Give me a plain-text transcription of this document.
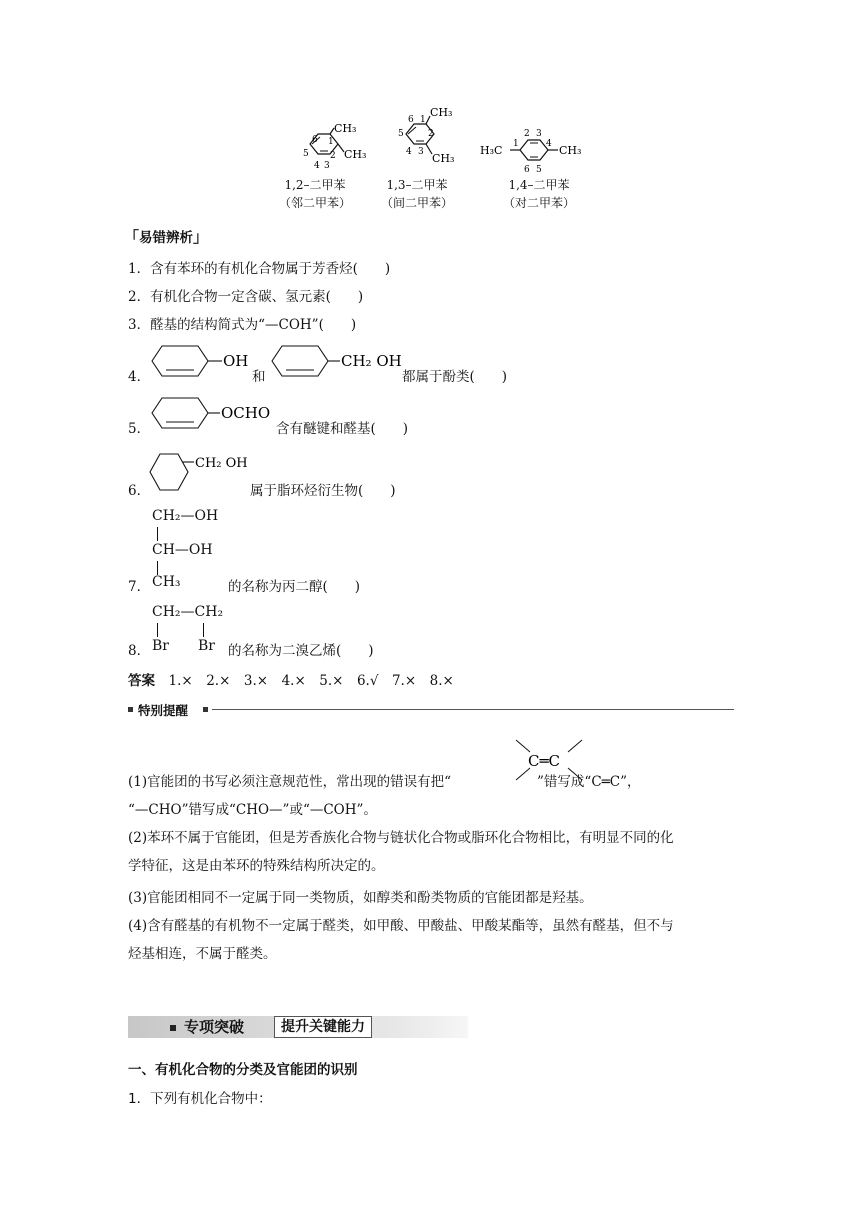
CH₃
CH₃
6 1
2
5
4 3
CH₃
CH₃
6 1
2
5
4 3	H₃C	CH₃
1
2 3
4
6 5
1,2–二甲苯
（邻二甲苯）
1,3–二甲苯
（间二甲苯）
1,4–二甲苯
（对二甲苯）
「易错辨析」
1．含有苯环的有机化合物属于芳香烃(　　)
2．有机化合物一定含碳、氢元素(　　)
3．醛基的结构简式为“—COH”(　　)
4．
OH	CH₂ OH
和	都属于酚类(　　)
5．
OCHO
含有醚键和醛基(　　)
6．
CH₂ OH
属于脂环烃衍生物(　　)
CH₂—OH
CH—OH
CH₃
7．	的名称为丙二醇(　　)
CH₂—CH₂
Br Br
8．	的名称为二溴乙烯(　　)
答案　 1.×　2.×　3.×　4.×　5.×　6.√　7.×　8.×
特别提醒
C═C
(1)官能团的书写必须注意规范性，常出现的错误有把“	”错写成“C═C”，
“—CHO”错写成“CHO—”或“—COH”。
(2)苯环不属于官能团，但是芳香族化合物与链状化合物或脂环化合物相比，有明显不同的化
学特征，这是由苯环的特殊结构所决定的。
(3)官能团相同不一定属于同一类物质，如醇类和酚类物质的官能团都是羟基。
(4)含有醛基的有机物不一定属于醛类，如甲酸、甲酸盐、甲酸某酯等，虽然有醛基，但不与
烃基相连，不属于醛类。
专项突破	提升关键能力
一、有机化合物的分类及官能团的识别
1．下列有机化合物中：
